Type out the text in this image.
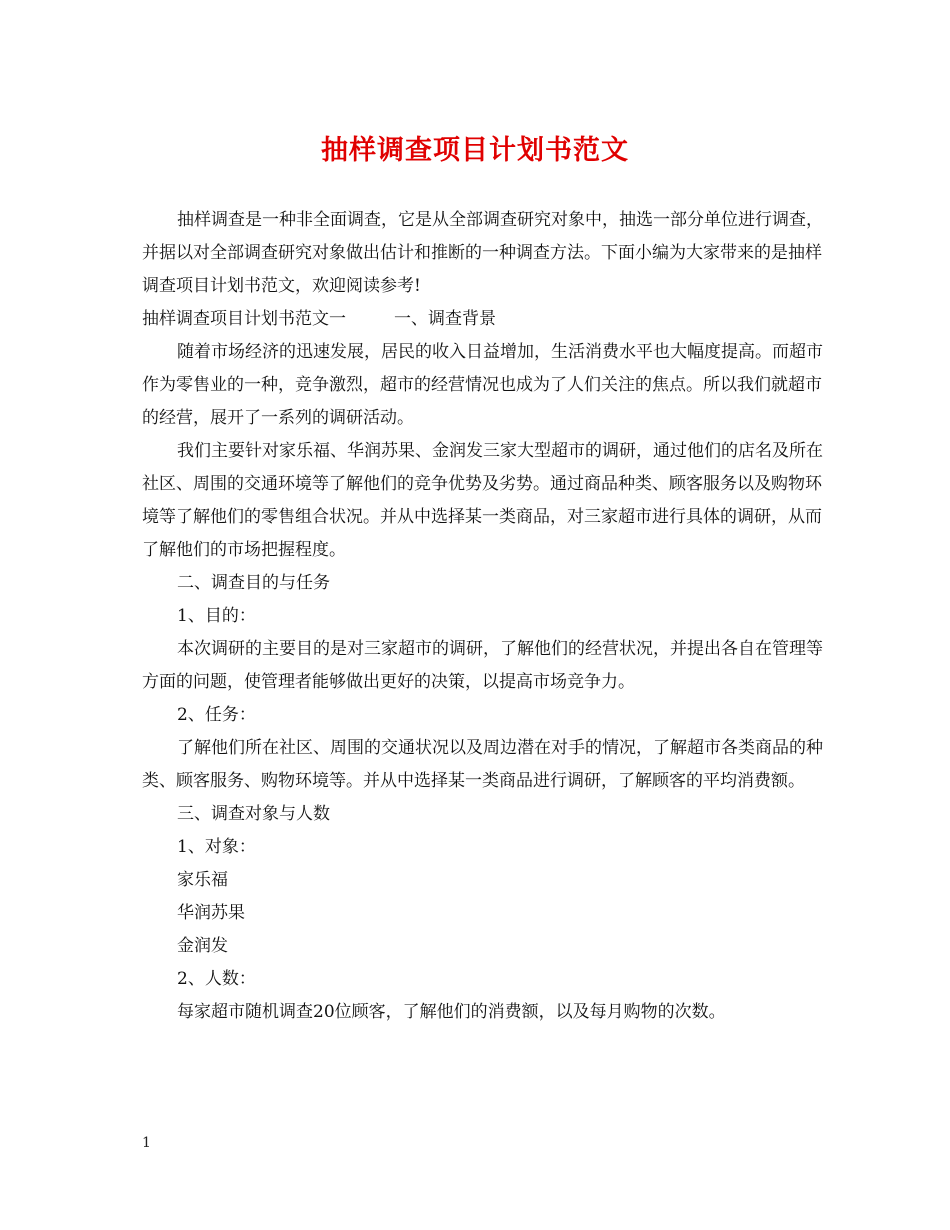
抽样调查项目计划书范文

抽样调查是一种非全面调查，它是从全部调查研究对象中，抽选一部分单位进行调查，并据以对全部调查研究对象做出估计和推断的一种调查方法。下面小编为大家带来的是抽样调查项目计划书范文，欢迎阅读参考!

抽样调查项目计划书范文一	一、调查背景

随着市场经济的迅速发展，居民的收入日益增加，生活消费水平也大幅度提高。而超市作为零售业的一种，竞争激烈，超市的经营情况也成为了人们关注的焦点。所以我们就超市的经营，展开了一系列的调研活动。

我们主要针对家乐福、华润苏果、金润发三家大型超市的调研，通过他们的店名及所在社区、周围的交通环境等了解他们的竞争优势及劣势。通过商品种类、顾客服务以及购物环境等了解他们的零售组合状况。并从中选择某一类商品，对三家超市进行具体的调研，从而了解他们的市场把握程度。

二、调查目的与任务

1、目的：

本次调研的主要目的是对三家超市的调研，了解他们的经营状况，并提出各自在管理等方面的问题，使管理者能够做出更好的决策，以提高市场竞争力。

2、任务：

了解他们所在社区、周围的交通状况以及周边潜在对手的情况，了解超市各类商品的种类、顾客服务、购物环境等。并从中选择某一类商品进行调研，了解顾客的平均消费额。

三、调查对象与人数

1、对象：

家乐福

华润苏果

金润发

2、人数：

每家超市随机调查20位顾客，了解他们的消费额，以及每月购物的次数。

1
